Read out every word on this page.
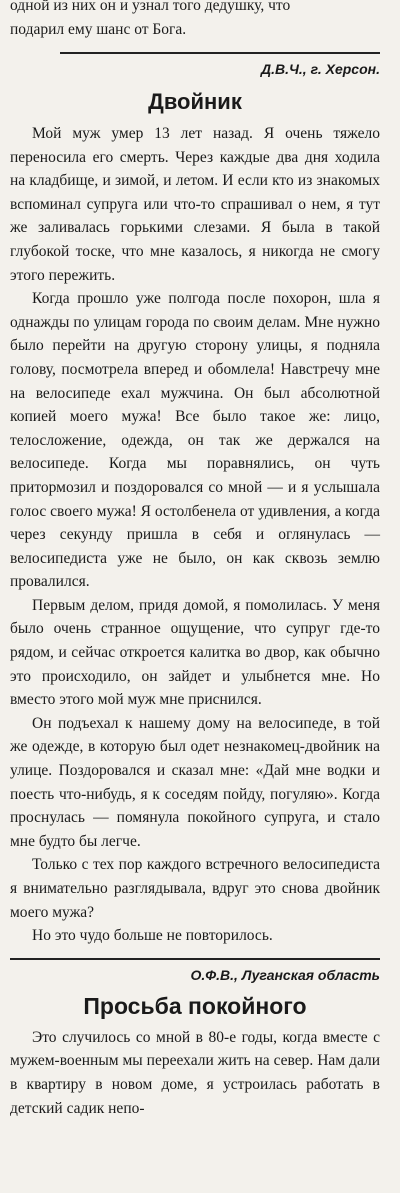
одной из них он и узнал того дедушку, что

подарил ему шанс от Бога.

Д.В.Ч., г. Херсон.
Двойник

Мой муж умер 13 лет назад. Я очень тяжело переносила его смерть. Через каждые два дня ходила на кладбище, и зимой, и летом. И если кто из знакомых вспоминал супруга или что-то спрашивал о нем, я тут же заливалась горькими слезами. Я была в такой глубокой тоске, что мне казалось, я никогда не смогу этого пережить.

Когда прошло уже полгода после похорон, шла я однажды по улицам города по своим делам. Мне нужно было перейти на другую сторону улицы, я подняла голову, посмотрела вперед и обомлела! Навстречу мне на велосипеде ехал мужчина. Он был абсолютной копией моего мужа! Все было такое же: лицо, телосложение, одежда, он так же держался на велосипеде. Когда мы поравнялись, он чуть притормозил и поздоровался со мной — и я услышала голос своего мужа! Я остолбенела от удивления, а когда через секунду пришла в себя и оглянулась — велосипедиста уже не было, он как сквозь землю провалился.

Первым делом, придя домой, я помолилась. У меня было очень странное ощущение, что супруг где-то рядом, и сейчас откроется калитка во двор, как обычно это происходило, он зайдет и улыбнется мне. Но вместо этого мой муж мне приснился.

Он подъехал к нашему дому на велосипеде, в той же одежде, в которую был одет незнакомец-двойник на улице. Поздоровался и сказал мне: «Дай мне водки и поесть что-нибудь, я к соседям пойду, погуляю». Когда проснулась — помянула покойного супруга, и стало мне будто бы легче.

Только с тех пор каждого встречного велосипедиста я внимательно разглядывала, вдруг это снова двойник моего мужа?

Но это чудо больше не повторилось.

О.Ф.В., Луганская область
Просьба покойного

Это случилось со мной в 80-е годы, когда вместе с мужем-военным мы переехали жить на север. Нам дали в квартиру в новом доме, я устроилась работать в детский садик непо-
